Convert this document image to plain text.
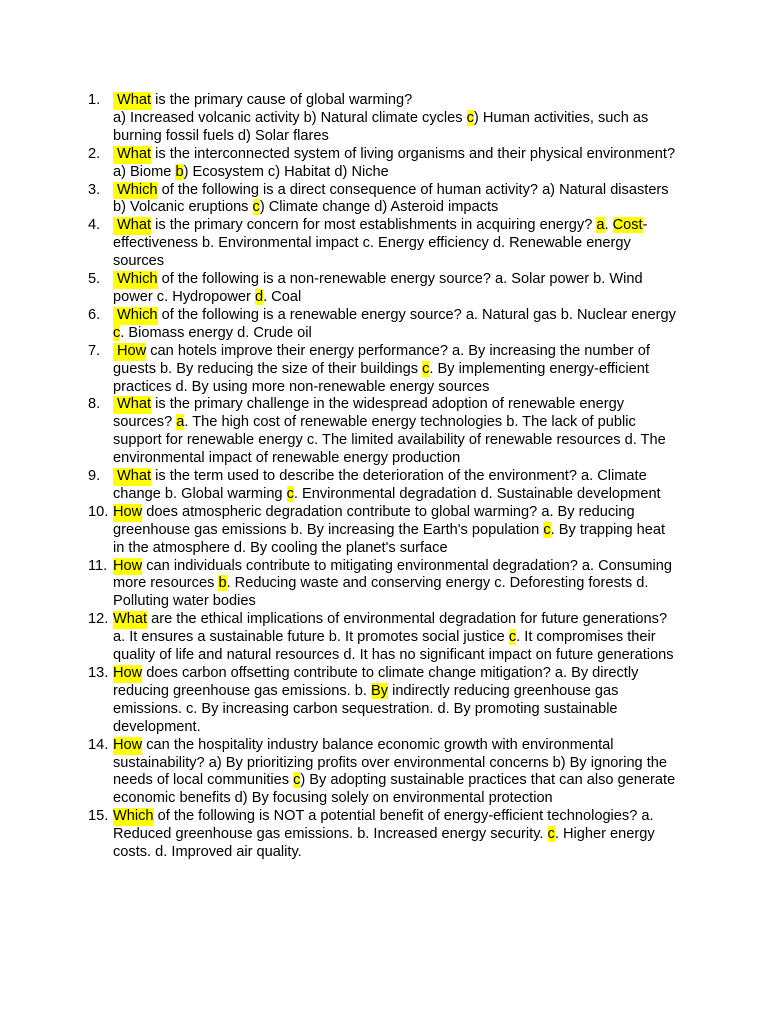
1. What is the primary cause of global warming?
a) Increased volcanic activity b) Natural climate cycles c) Human activities, such as burning fossil fuels d) Solar flares
2. What is the interconnected system of living organisms and their physical environment?
a) Biome b) Ecosystem c) Habitat d) Niche
3. Which of the following is a direct consequence of human activity? a) Natural disasters b) Volcanic eruptions c) Climate change d) Asteroid impacts
4. What is the primary concern for most establishments in acquiring energy? a. Cost-effectiveness b. Environmental impact c. Energy efficiency d. Renewable energy sources
5. Which of the following is a non-renewable energy source? a. Solar power b. Wind power c. Hydropower d. Coal
6. Which of the following is a renewable energy source? a. Natural gas b. Nuclear energy c. Biomass energy d. Crude oil
7. How can hotels improve their energy performance? a. By increasing the number of guests b. By reducing the size of their buildings c. By implementing energy-efficient practices d. By using more non-renewable energy sources
8. What is the primary challenge in the widespread adoption of renewable energy sources? a. The high cost of renewable energy technologies b. The lack of public support for renewable energy c. The limited availability of renewable resources d. The environmental impact of renewable energy production
9. What is the term used to describe the deterioration of the environment? a. Climate change b. Global warming c. Environmental degradation d. Sustainable development
10. How does atmospheric degradation contribute to global warming? a. By reducing greenhouse gas emissions b. By increasing the Earth's population c. By trapping heat in the atmosphere d. By cooling the planet's surface
11. How can individuals contribute to mitigating environmental degradation? a. Consuming more resources b. Reducing waste and conserving energy c. Deforesting forests d. Polluting water bodies
12. What are the ethical implications of environmental degradation for future generations? a. It ensures a sustainable future b. It promotes social justice c. It compromises their quality of life and natural resources d. It has no significant impact on future generations
13. How does carbon offsetting contribute to climate change mitigation? a. By directly reducing greenhouse gas emissions. b. By indirectly reducing greenhouse gas emissions. c. By increasing carbon sequestration. d. By promoting sustainable development.
14. How can the hospitality industry balance economic growth with environmental sustainability? a) By prioritizing profits over environmental concerns b) By ignoring the needs of local communities c) By adopting sustainable practices that can also generate economic benefits d) By focusing solely on environmental protection
15. Which of the following is NOT a potential benefit of energy-efficient technologies? a. Reduced greenhouse gas emissions. b. Increased energy security. c. Higher energy costs. d. Improved air quality.
